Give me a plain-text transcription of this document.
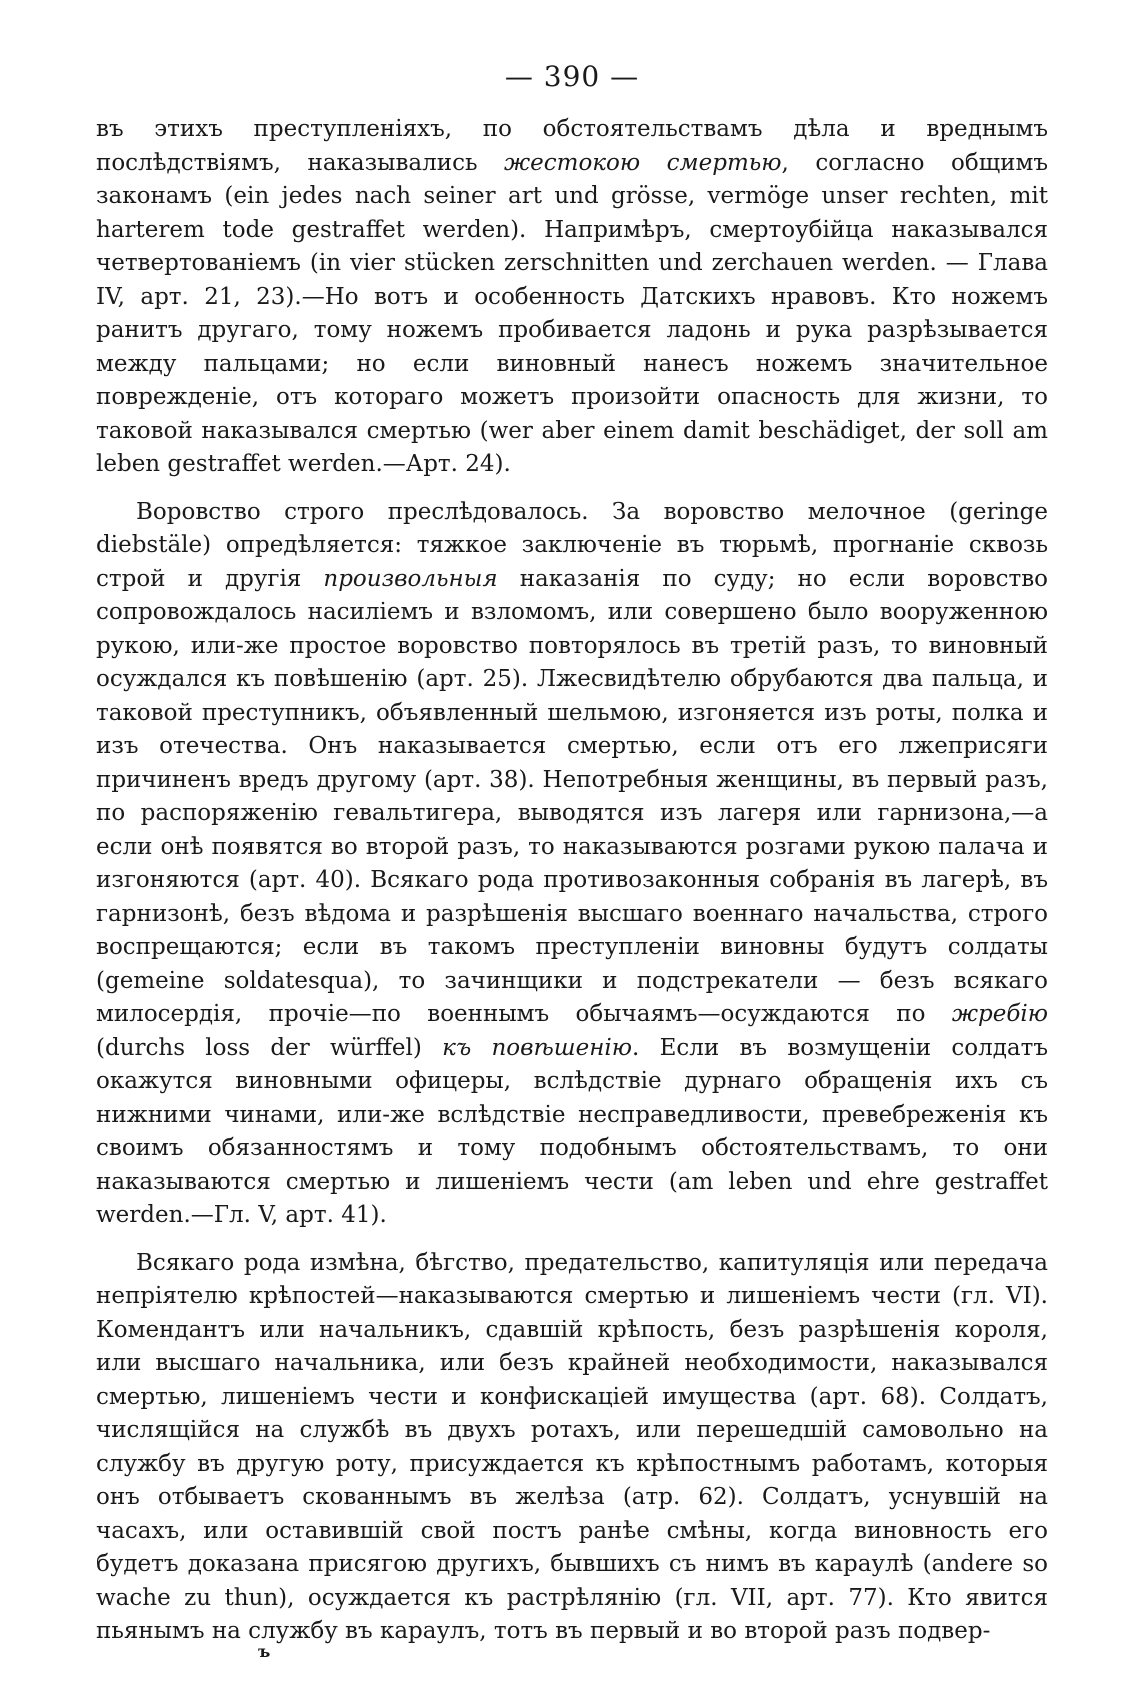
— 390 —

въ этихъ преступленіяхъ, по обстоятельствамъ дѣла и вреднымъ послѣдствіямъ, наказывались жестокою смертью, согласно общимъ законамъ (ein jedes nach seiner art und grösse, vermöge unser rechten, mit harterem tode gestraffet werden). Напримѣръ, смертоубійца наказывался четвертованіемъ (in vier stücken zerschnitten und zerchauen werden. — Глава IV, арт. 21, 23).—Но вотъ и особенность Датскихъ нравовъ. Кто ножемъ ранитъ другаго, тому ножемъ пробивается ладонь и рука разрѣзывается между пальцами; но если виновный нанесъ ножемъ значительное поврежденіе, отъ котораго можетъ произойти опасность для жизни, то таковой наказывался смертью (wer aber einem damit beschädiget, der soll am leben gestraffet werden.—Арт. 24).

Воровство строго преслѣдовалось. За воровство мелочное (geringe diebstäle) опредѣляется: тяжкое заключеніе въ тюрьмѣ, прогнаніе сквозь строй и другія произвольныя наказанія по суду; но если воровство сопровождалось насиліемъ и взломомъ, или совершено было вооруженною рукою, или-же простое воровство повторялось въ третій разъ, то виновный осуждался къ повѣшенію (арт. 25). Лжесвидѣтелю обрубаются два пальца, и таковой преступникъ, объявленный шельмою, изгоняется изъ роты, полка и изъ отечества. Онъ наказывается смертью, если отъ его лжеприсяги причиненъ вредъ другому (арт. 38). Непотребныя женщины, въ первый разъ, по распоряженію гевальтигера, выводятся изъ лагеря или гарнизона,—а если онѣ появятся во второй разъ, то наказываются розгами рукою палача и изгоняются (арт. 40). Всякаго рода противозаконныя собранія въ лагерѣ, въ гарнизонѣ, безъ вѣдома и разрѣшенія высшаго военнаго начальства, строго воспрещаются; если въ такомъ преступленіи виновны будутъ солдаты (gemeine soldatesqua), то зачинщики и подстрекатели — безъ всякаго милосердія, прочіе—по военнымъ обычаямъ—осуждаются по жребію (durchs loss der würffel) къ повѣшенію. Если въ возмущеніи солдатъ окажутся виновными офицеры, вслѣдствіе дурнаго обращенія ихъ съ нижними чинами, или-же вслѣдствіе несправедливости, превебреженія къ своимъ обязанностямъ и тому подобнымъ обстоятельствамъ, то они наказываются смертью и лишеніемъ чести (am leben und ehre gestraffet werden.—Гл. V, арт. 41).

Всякаго рода измѣна, бѣгство, предательство, капитуляція или передача непріятелю крѣпостей—наказываются смертью и лишеніемъ чести (гл. VI). Комендантъ или начальникъ, сдавшій крѣпость, безъ разрѣшенія короля, или высшаго начальника, или безъ крайней необходимости, наказывался смертью, лишеніемъ чести и конфискаціей имущества (арт. 68). Солдатъ, числящійся на службѣ въ двухъ ротахъ, или перешедшій самовольно на службу въ другую роту, присуждается къ крѣпостнымъ работамъ, которыя онъ отбываетъ скованнымъ въ желѣза (атр. 62). Солдатъ, уснувшій на часахъ, или оставившій свой постъ ранѣе смѣны, когда виновность его будетъ доказана присягою другихъ, бывшихъ съ нимъ въ караулѣ (andere so wache zu thun), осуждается къ растрѣлянію (гл. VII, арт. 77). Кто явится пьянымъ на службу въ караулъ, тотъ въ первый и во второй разъ подвер-

ъ
